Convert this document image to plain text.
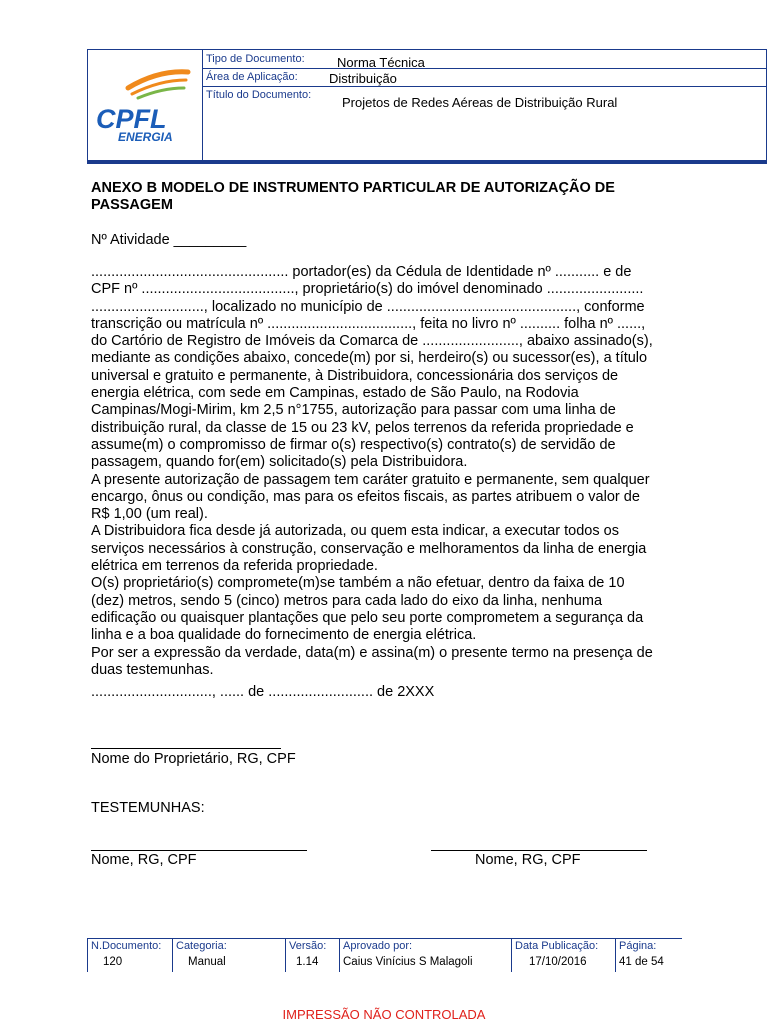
CPFL
ENERGIA
Tipo de Documento: Norma Técnica
Área de Aplicação: Distribuição
Título do Documento: Projetos de Redes Aéreas de Distribuição Rural
ANEXO B MODELO DE INSTRUMENTO PARTICULAR DE AUTORIZAÇÃO DE
PASSAGEM
Nº Atividade _________
................................................. portador(es) da Cédula de Identidade nº ........... e de
CPF nº ......................................, proprietário(s) do imóvel denominado ........................
............................, localizado no município de ..............................................., conforme
transcrição ou matrícula nº ...................................., feita no livro nº .......... folha nº ......,
do Cartório de Registro de Imóveis da Comarca de ........................, abaixo assinado(s),
mediante as condições abaixo, concede(m) por si, herdeiro(s) ou sucessor(es), a título
universal e gratuito e permanente, à Distribuidora, concessionária dos serviços de
energia elétrica, com sede em Campinas, estado de São Paulo, na Rodovia
Campinas/Mogi-Mirim, km 2,5 n°1755, autorização para passar com uma linha de
distribuição rural, da classe de 15 ou 23 kV, pelos terrenos da referida propriedade e
assume(m) o compromisso de firmar o(s) respectivo(s) contrato(s) de servidão de
passagem, quando for(em) solicitado(s) pela Distribuidora.
A presente autorização de passagem tem caráter gratuito e permanente, sem qualquer
encargo, ônus ou condição, mas para os efeitos fiscais, as partes atribuem o valor de
R$ 1,00 (um real).
A Distribuidora fica desde já autorizada, ou quem esta indicar, a executar todos os
serviços necessários à construção, conservação e melhoramentos da linha de energia
elétrica em terrenos da referida propriedade.
O(s) proprietário(s) compromete(m)se também a não efetuar, dentro da faixa de 10
(dez) metros, sendo 5 (cinco) metros para cada lado do eixo da linha, nenhuma
edificação ou quaisquer plantações que pelo seu porte comprometem a segurança da
linha e a boa qualidade do fornecimento de energia elétrica.
Por ser a expressão da verdade, data(m) e assina(m) o presente termo na presença de
duas testemunhas.
.............................., ...... de .......................... de 2XXX
Nome do Proprietário, RG, CPF
TESTEMUNHAS:
Nome, RG, CPF	Nome, RG, CPF
N.Documento:
120
Categoria:
Manual
Versão:
1.14
Aprovado por:
Caius Vinícius S Malagoli
Data Publicação:
17/10/2016
Página:
41 de 54
IMPRESSÃO NÃO CONTROLADA
